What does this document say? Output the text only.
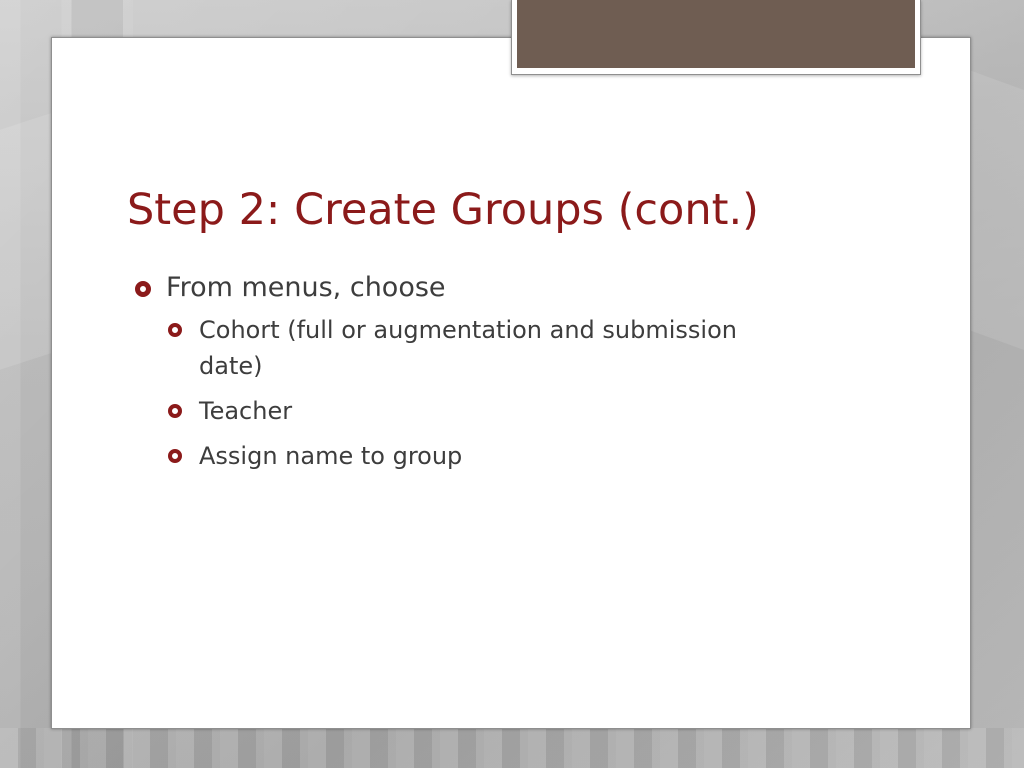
Step 2: Create Groups (cont.)
From menus, choose
Cohort (full or augmentation and submission date)
Teacher
Assign name to group
